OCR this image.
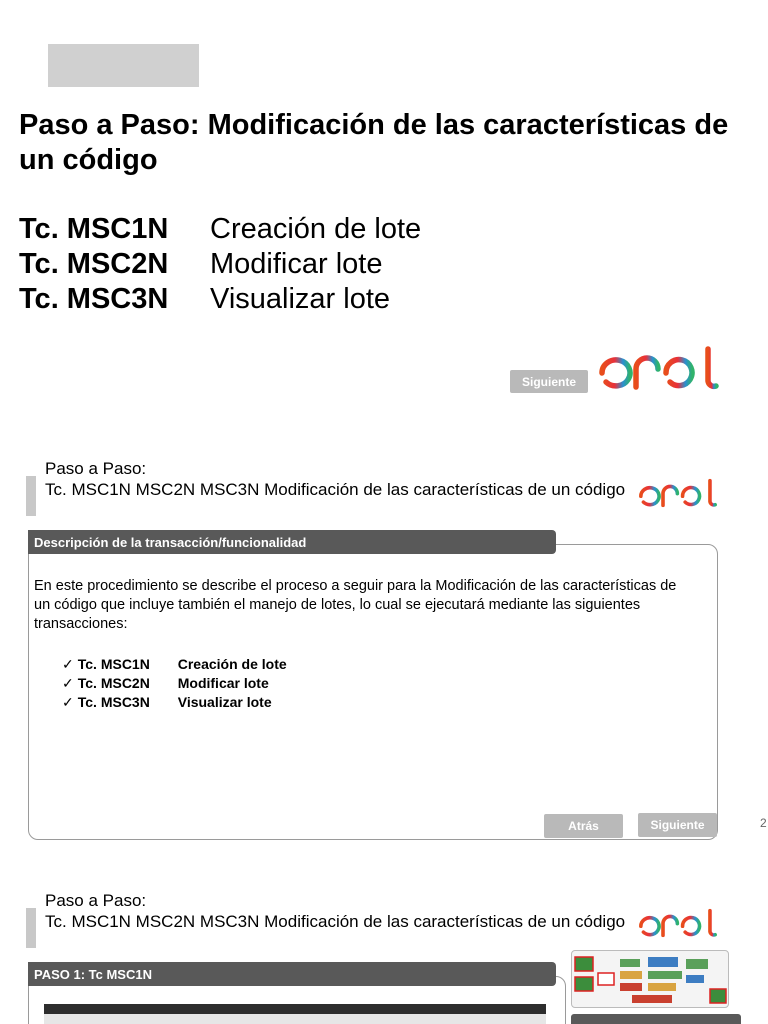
Paso a Paso: Modificación de las características de un código
Tc. MSC1N	Creación de lote
Tc. MSC2N	Modificar lote
Tc. MSC3N	Visualizar lote
Siguiente
Paso a Paso:
Tc. MSC1N MSC2N MSC3N Modificación de las características de un código
Descripción de la transacción/funcionalidad
En este procedimiento se describe el proceso a seguir para la Modificación de las características de un código que incluye también el manejo de lotes, lo cual se ejecutará mediante las siguientes transacciones:
✓ Tc. MSC1N Creación de lote
✓ Tc. MSC2N Modificar lote
✓ Tc. MSC3N Visualizar lote
Atrás	Siguiente	2
Paso a Paso:
Tc. MSC1N MSC2N MSC3N Modificación de las características de un código
PASO 1: Tc MSC1N
